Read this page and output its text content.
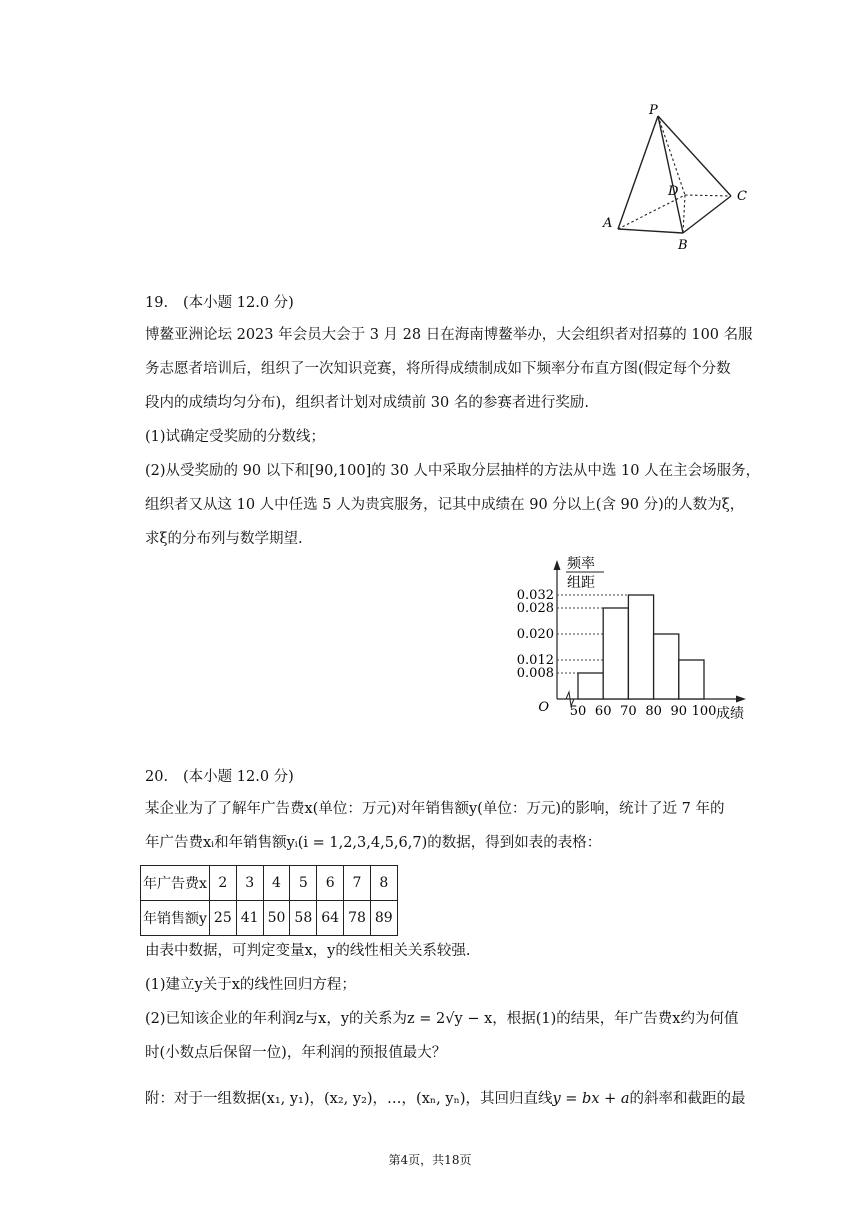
P
D	C
A
B
19. (本小题 12.0 分)
博鳌亚洲论坛 2023 年会员大会于 3 月 28 日在海南博鳌举办，大会组织者对招募的 100 名服
务志愿者培训后，组织了一次知识竞赛，将所得成绩制成如下频率分布直方图(假定每个分数
段内的成绩均匀分布)，组织者计划对成绩前 30 名的参赛者进行奖励.
(1)试确定受奖励的分数线；
(2)从受奖励的 90 以下和[90,100]的 30 人中采取分层抽样的方法从中选 10 人在主会场服务，
组织者又从这 10 人中任选 5 人为贵宾服务，记其中成绩在 90 分以上(含 90 分)的人数为ξ，
求ξ的分布列与数学期望.
0.032
0.028
0.020
0.012
0.008
50 60 70 80 90 100
频率
组距
O	成绩
20. (本小题 12.0 分)
某企业为了了解年广告费x(单位：万元)对年销售额y(单位：万元)的影响，统计了近 7 年的
年广告费xᵢ和年销售额yᵢ(i = 1,2,3,4,5,6,7)的数据，得到如表的表格：
年广告费x	2	3	4	5	6	7	8
年销售额y	25	41	50	58	64	78	89
由表中数据，可判定变量x，y的线性相关关系较强.
(1)建立y关于x的线性回归方程；
(2)已知该企业的年利润z与x，y的关系为z = 2√y − x，根据(1)的结果，年广告费x约为何值
时(小数点后保留一位)，年利润的预报值最大？
附：对于一组数据(x₁, y₁)，(x₂, y₂)，…，(xₙ, yₙ)，其回归直线y = bx + a的斜率和截距的最
第4页，共18页
